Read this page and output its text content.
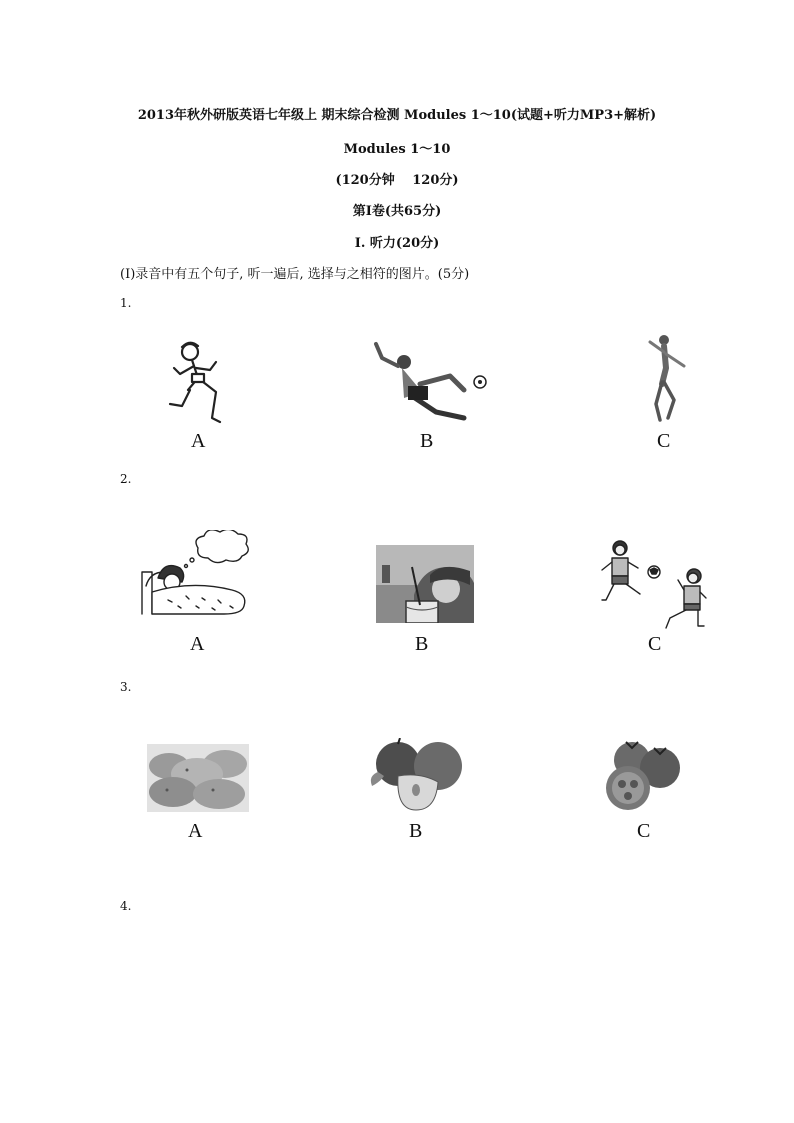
2013年秋外研版英语七年级上 期末综合检测 Modules 1～10(试题+听力MP3+解析)
Modules 1～10
(120分钟　 120分)
第Ⅰ卷(共65分)
Ⅰ. 听力(20分)
(Ⅰ)录音中有五个句子, 听一遍后, 选择与之相符的图片。(5分)
1.
A	B	C
2.
A	B	C
3.
A	B	C
4.
